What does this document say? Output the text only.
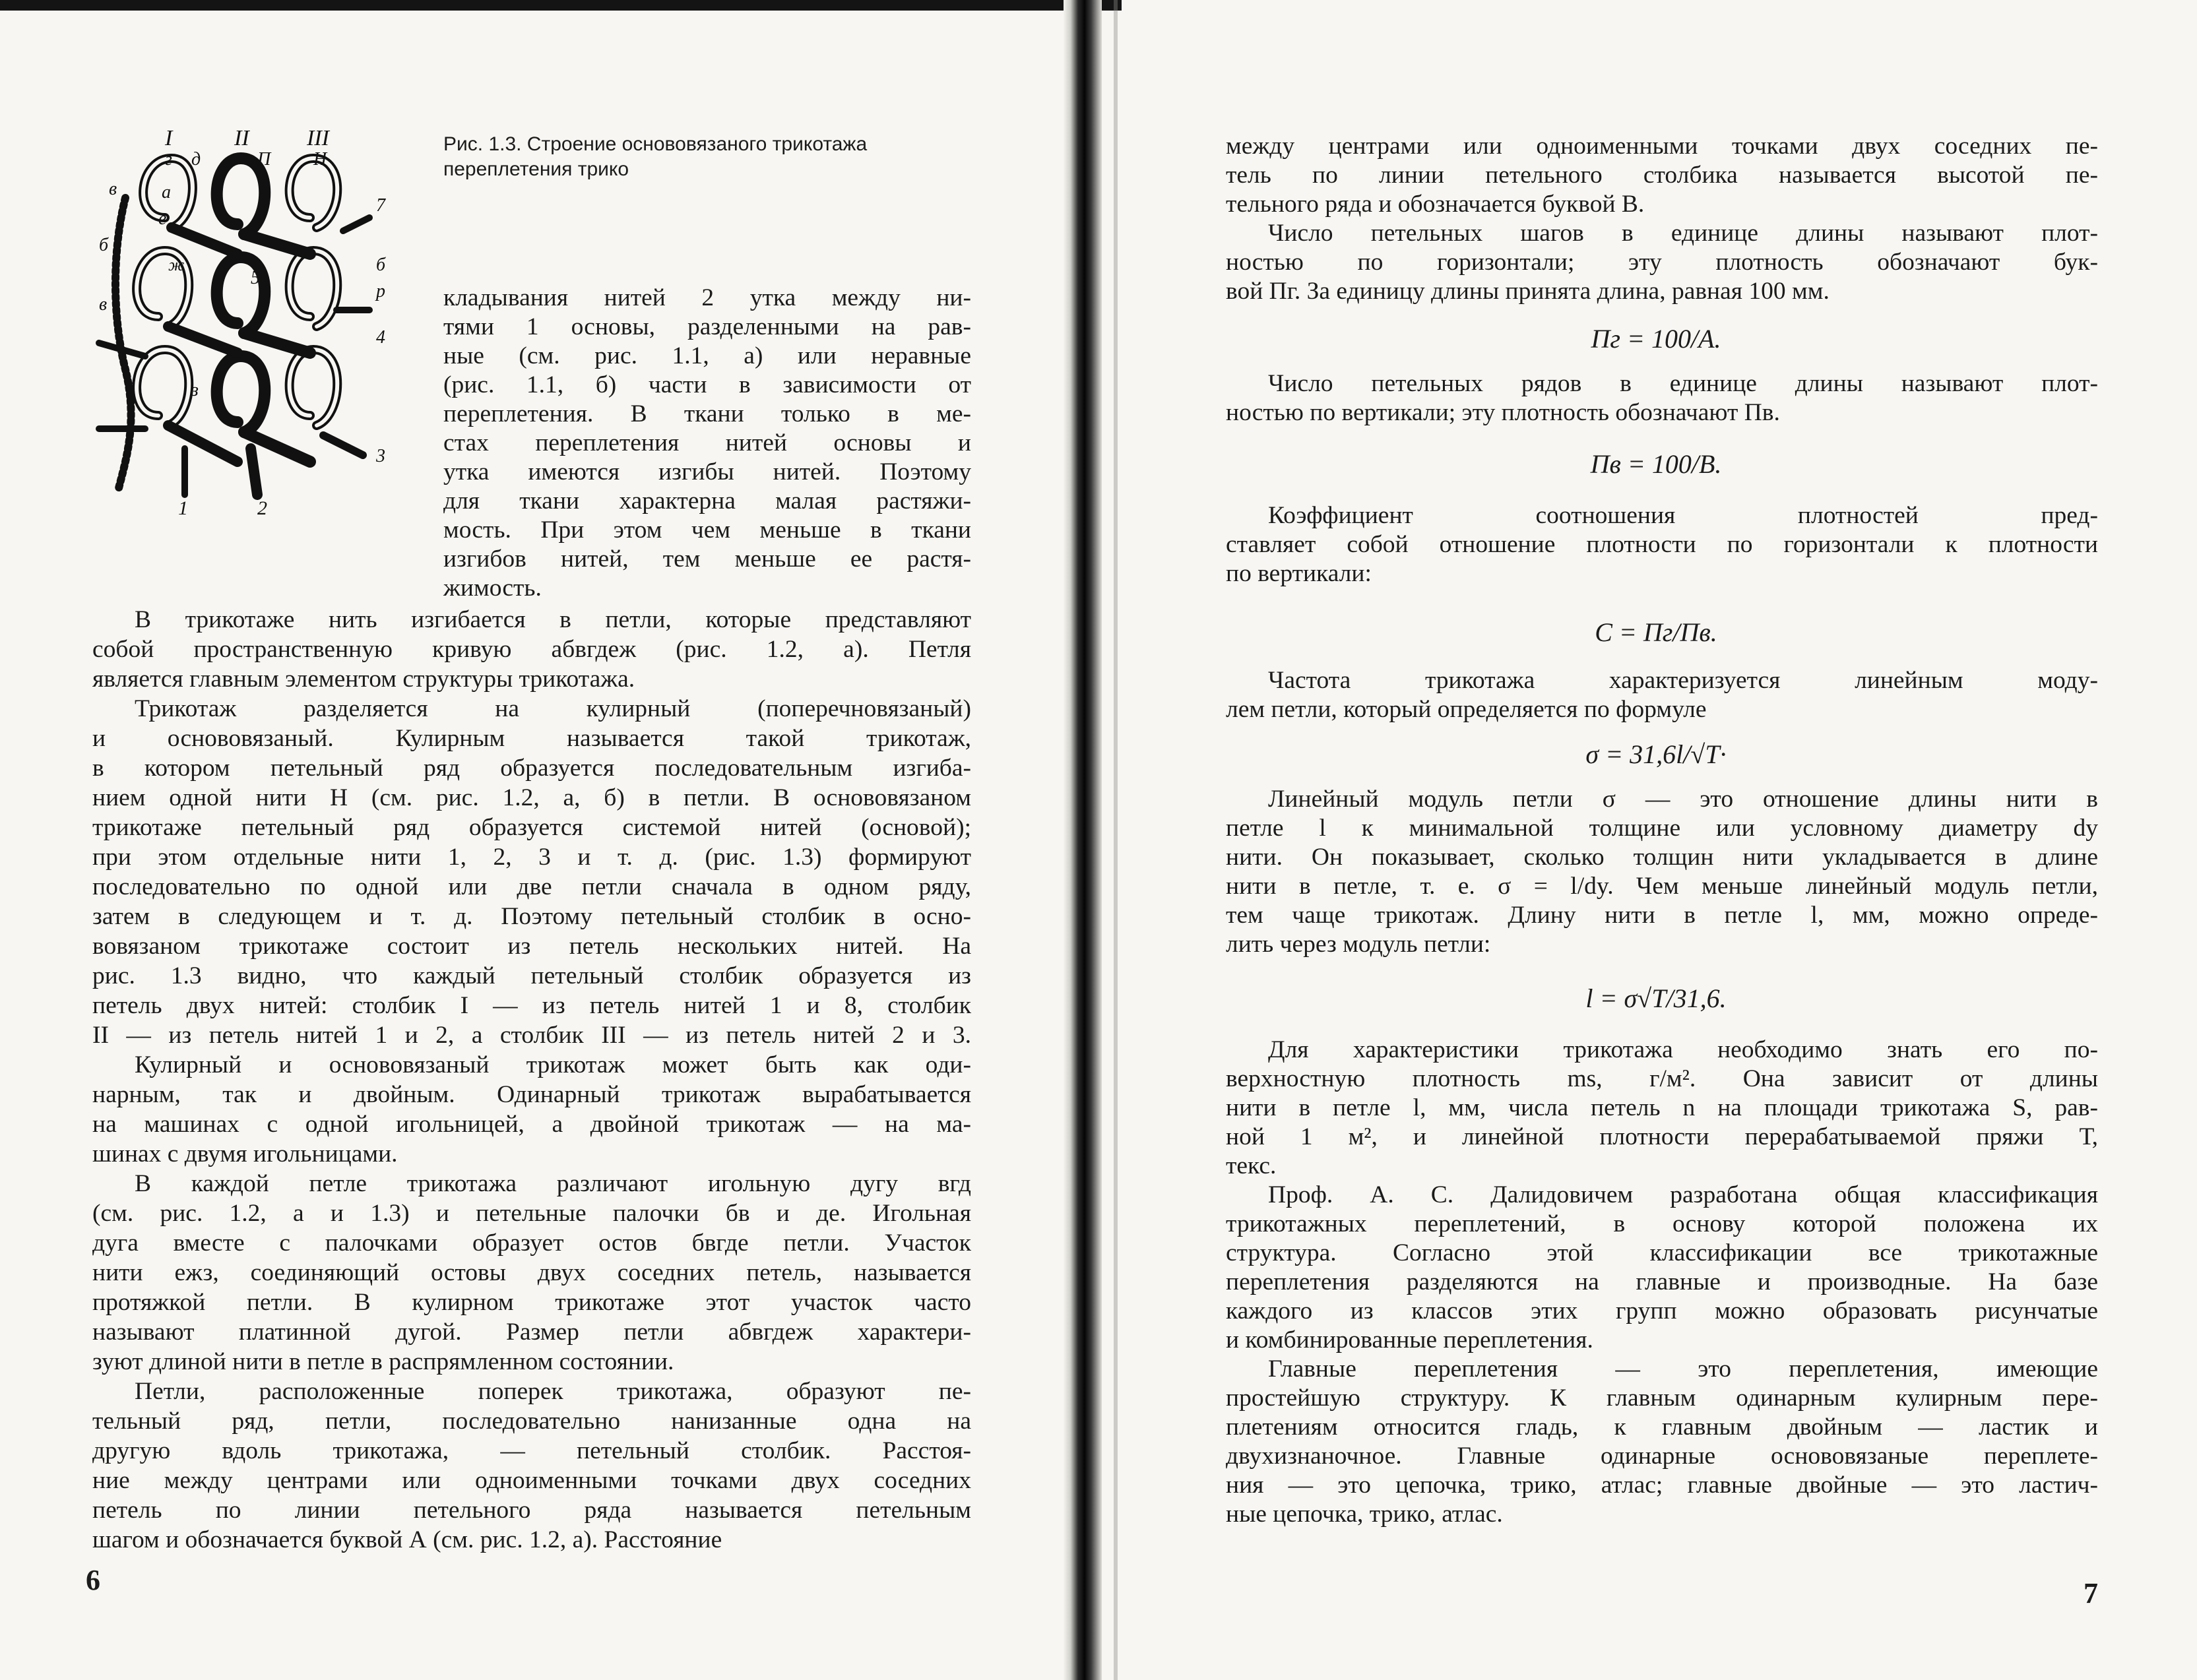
I	II	III
г д	П Н
в а
е
б
ж
в
р
б
з
7
4
3
5
1	2

Рис. 1.3. Строение основовязаного трикотажа переплетения трико

кладывания нитей 2 утка между ни-

тями 1 основы, разделенными на рав-

ные (см. рис. 1.1, а) или неравные

(рис. 1.1, б) части в зависимости от

переплетения. В ткани только в ме-

стах переплетения нитей основы и

утка имеются изгибы нитей. Поэтому

для ткани характерна малая растяжи-

мость. При этом чем меньше в ткани

изгибов нитей, тем меньше ее растя-

жимость.

В трикотаже нить изгибается в петли, которые представляют

собой пространственную кривую абвгдеж (рис. 1.2, а). Петля

является главным элементом структуры трикотажа.

Трикотаж разделяется на кулирный (поперечновязаный)

и основовязаный. Кулирным называется такой трикотаж,

в котором петельный ряд образуется последовательным изгиба-

нием одной нити Н (см. рис. 1.2, а, б) в петли. В основовязаном

трикотаже петельный ряд образуется системой нитей (основой);

при этом отдельные нити 1, 2, 3 и т. д. (рис. 1.3) формируют

последовательно по одной или две петли сначала в одном ряду,

затем в следующем и т. д. Поэтому петельный столбик в осно-

вовязаном трикотаже состоит из петель нескольких нитей. На

рис. 1.3 видно, что каждый петельный столбик образуется из

петель двух нитей: столбик I — из петель нитей 1 и 8, столбик

II — из петель нитей 1 и 2, а столбик III — из петель нитей 2 и 3.

Кулирный и основовязаный трикотаж может быть как оди-

нарным, так и двойным. Одинарный трикотаж вырабатывается

на машинах с одной игольницей, а двойной трикотаж — на ма-

шинах с двумя игольницами.

В каждой петле трикотажа различают игольную дугу вгд

(см. рис. 1.2, а и 1.3) и петельные палочки бв и де. Игольная

дуга вместе с палочками образует остов бвгде петли. Участок

нити ежз, соединяющий остовы двух соседних петель, называется

протяжкой петли. В кулирном трикотаже этот участок часто

называют платинной дугой. Размер петли абвгдеж характери-

зуют длиной нити в петле в распрямленном состоянии.

Петли, расположенные поперек трикотажа, образуют пе-

тельный ряд, петли, последовательно нанизанные одна на

другую вдоль трикотажа, — петельный столбик. Расстоя-

ние между центрами или одноименными точками двух соседних

петель по линии петельного ряда называется петельным

шагом и обозначается буквой А (см. рис. 1.2, а). Расстояние

6

между центрами или одноименными точками двух соседних пе-

тель по линии петельного столбика называется высотой пе-

тельного ряда и обозначается буквой В.

Число петельных шагов в единице длины называют плот-

ностью по горизонтали; эту плотность обозначают бук-

вой Пг. За единицу длины принята длина, равная 100 мм.

Пг = 100/А.

Число петельных рядов в единице длины называют плот-

ностью по вертикали; эту плотность обозначают Пв.

Пв = 100/В.

Коэффициент соотношения плотностей пред-

ставляет собой отношение плотности по горизонтали к плотности

по вертикали:

С = Пг/Пв.

Частота трикотажа характеризуется линейным моду-

лем петли, который определяется по формуле

σ = 31,6l/√T·

Линейный модуль петли σ — это отношение длины нити в

петле l к минимальной толщине или условному диаметру dy

нити. Он показывает, сколько толщин нити укладывается в длине

нити в петле, т. е. σ = l/dy. Чем меньше линейный модуль петли,

тем чаще трикотаж. Длину нити в петле l, мм, можно опреде-

лить через модуль петли:

l = σ√T/31,6.

Для характеристики трикотажа необходимо знать его по-

верхностную плотность ms, г/м². Она зависит от длины

нити в петле l, мм, числа петель n на площади трикотажа S, рав-

ной 1 м², и линейной плотности перерабатываемой пряжи Т,

текс.

Проф. А. С. Далидовичем разработана общая классификация

трикотажных переплетений, в основу которой положена их

структура. Согласно этой классификации все трикотажные

переплетения разделяются на главные и производные. На базе

каждого из классов этих групп можно образовать рисунчатые

и комбинированные переплетения.

Главные переплетения — это переплетения, имеющие

простейшую структуру. К главным одинарным кулирным пере-

плетениям относится гладь, к главным двойным — ластик и

двухизнаночное. Главные одинарные основовязаные переплете-

ния — это цепочка, трико, атлас; главные двойные — это ластич-

ные цепочка, трико, атлас.

7
